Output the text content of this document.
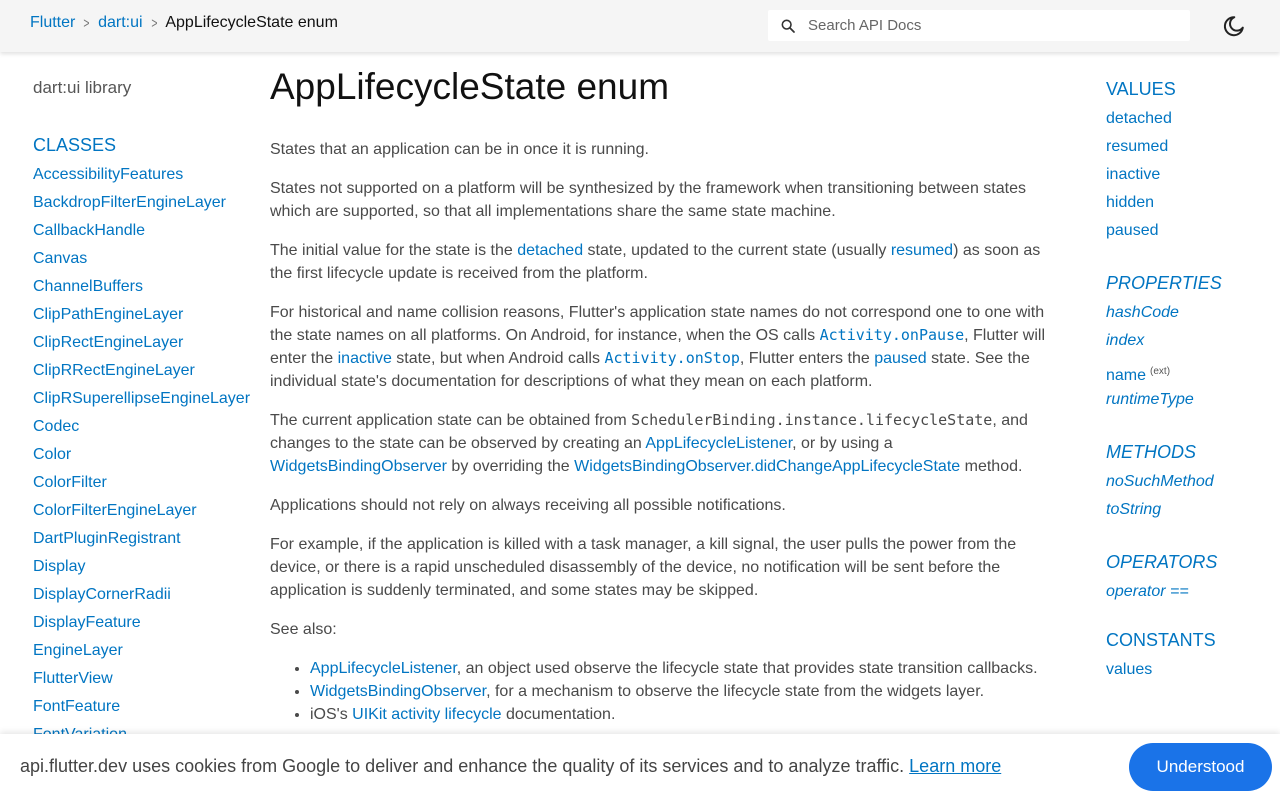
Flutter > dart:ui > AppLifecycleState enum
Search API Docs
dart:ui library
CLASSES
AccessibilityFeatures
BackdropFilterEngineLayer
CallbackHandle
Canvas
ChannelBuffers
ClipPathEngineLayer
ClipRectEngineLayer
ClipRRectEngineLayer
ClipRSuperellipseEngineLayer
Codec
Color
ColorFilter
ColorFilterEngineLayer
DartPluginRegistrant
Display
DisplayCornerRadii
DisplayFeature
EngineLayer
FlutterView
FontFeature
AppLifecycleState enum

States that an application can be in once it is running.

States not supported on a platform will be synthesized by the framework when transitioning between states which are supported, so that all implementations share the same state machine.

The initial value for the state is the detached state, updated to the current state (usually resumed) as soon as the first lifecycle update is received from the platform.

For historical and name collision reasons, Flutter's application state names do not correspond one to one with the state names on all platforms. On Android, for instance, when the OS calls Activity.onPause, Flutter will enter the inactive state, but when Android calls Activity.onStop, Flutter enters the paused state. See the individual state's documentation for descriptions of what they mean on each platform.

The current application state can be obtained from SchedulerBinding.instance.lifecycleState, and changes to the state can be observed by creating an AppLifecycleListener, or by using a WidgetsBindingObserver by overriding the WidgetsBindingObserver.didChangeAppLifecycleState method.

Applications should not rely on always receiving all possible notifications.

For example, if the application is killed with a task manager, a kill signal, the user pulls the power from the device, or there is a rapid unscheduled disassembly of the device, no notification will be sent before the application is suddenly terminated, and some states may be skipped.

See also:

• AppLifecycleListener, an object used observe the lifecycle state that provides state transition callbacks.
• WidgetsBindingObserver, for a mechanism to observe the lifecycle state from the widgets layer.
• iOS's UIKit activity lifecycle documentation.
VALUES
detached
resumed
inactive
hidden
paused
PROPERTIES
hashCode
index
name $^{(ext)}$
runtimeType
METHODS
noSuchMethod
toString
OPERATORS
operator ==
CONSTANTS
values
api.flutter.dev uses cookies from Google to deliver and enhance the quality of its services and to analyze traffic. Learn more	Understood
